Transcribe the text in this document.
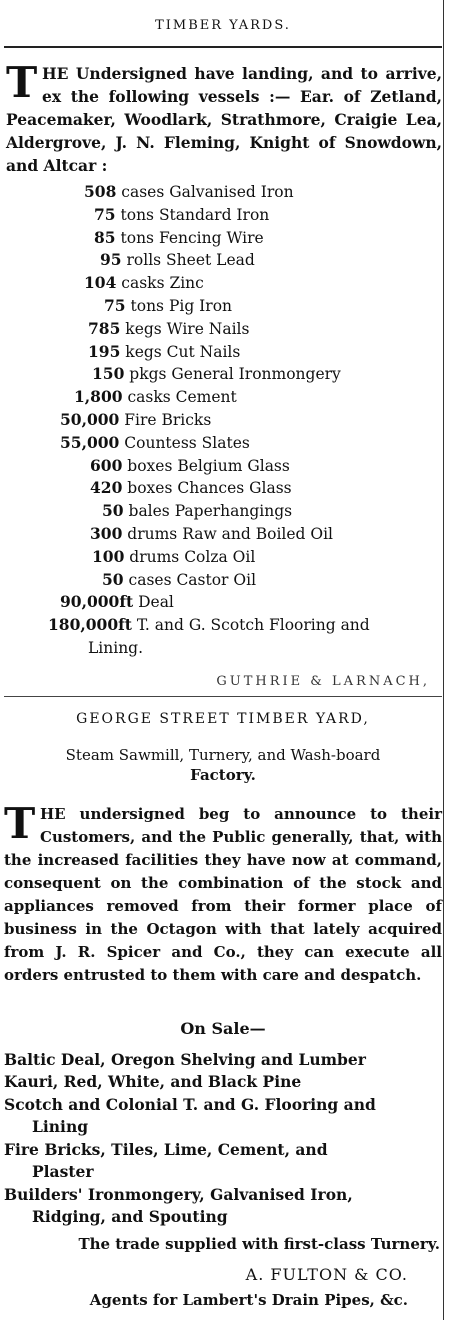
TIMBER YARDS.
T HE Undersigned have landing, and to arrive, ex the following vessels :— Ear. of Zetland, Peacemaker, Woodlark, Strathmore, Craigie Lea, Aldergrove, J. N. Fleming, Knight of Snowdown, and Altcar :

508 cases Galvanised Iron
75 tons Standard Iron
85 tons Fencing Wire
95 rolls Sheet Lead
104 casks Zinc
75 tons Pig Iron
785 kegs Wire Nails
195 kegs Cut Nails
150 pkgs General Ironmongery
1,800 casks Cement
50,000 Fire Bricks
55,000 Countess Slates
600 boxes Belgium Glass
420 boxes Chances Glass
50 bales Paperhangings
300 drums Raw and Boiled Oil
100 drums Colza Oil
50 cases Castor Oil
90,000ft Deal
180,000ft T. and G. Scotch Flooring and
Lining.
GUTHRIE & LARNACH,
GEORGE STREET TIMBER YARD,
Steam Sawmill, Turnery, and Wash-board
Factory.
T HE undersigned beg to announce to their Customers, and the Public generally, that, with the increased facilities they have now at command, consequent on the combination of the stock and appliances removed from their former place of business in the Octagon with that lately acquired from J. R. Spicer and Co., they can execute all orders entrusted to them with care and despatch.

On Sale—
Baltic Deal, Oregon Shelving and Lumber
Kauri, Red, White, and Black Pine
Scotch and Colonial T. and G. Flooring and
Lining
Fire Bricks, Tiles, Lime, Cement, and
Plaster
Builders' Ironmongery, Galvanised Iron,
Ridging, and Spouting
The trade supplied with first-class Turnery.
A. FULTON & CO.
Agents for Lambert's Drain Pipes, &c.
